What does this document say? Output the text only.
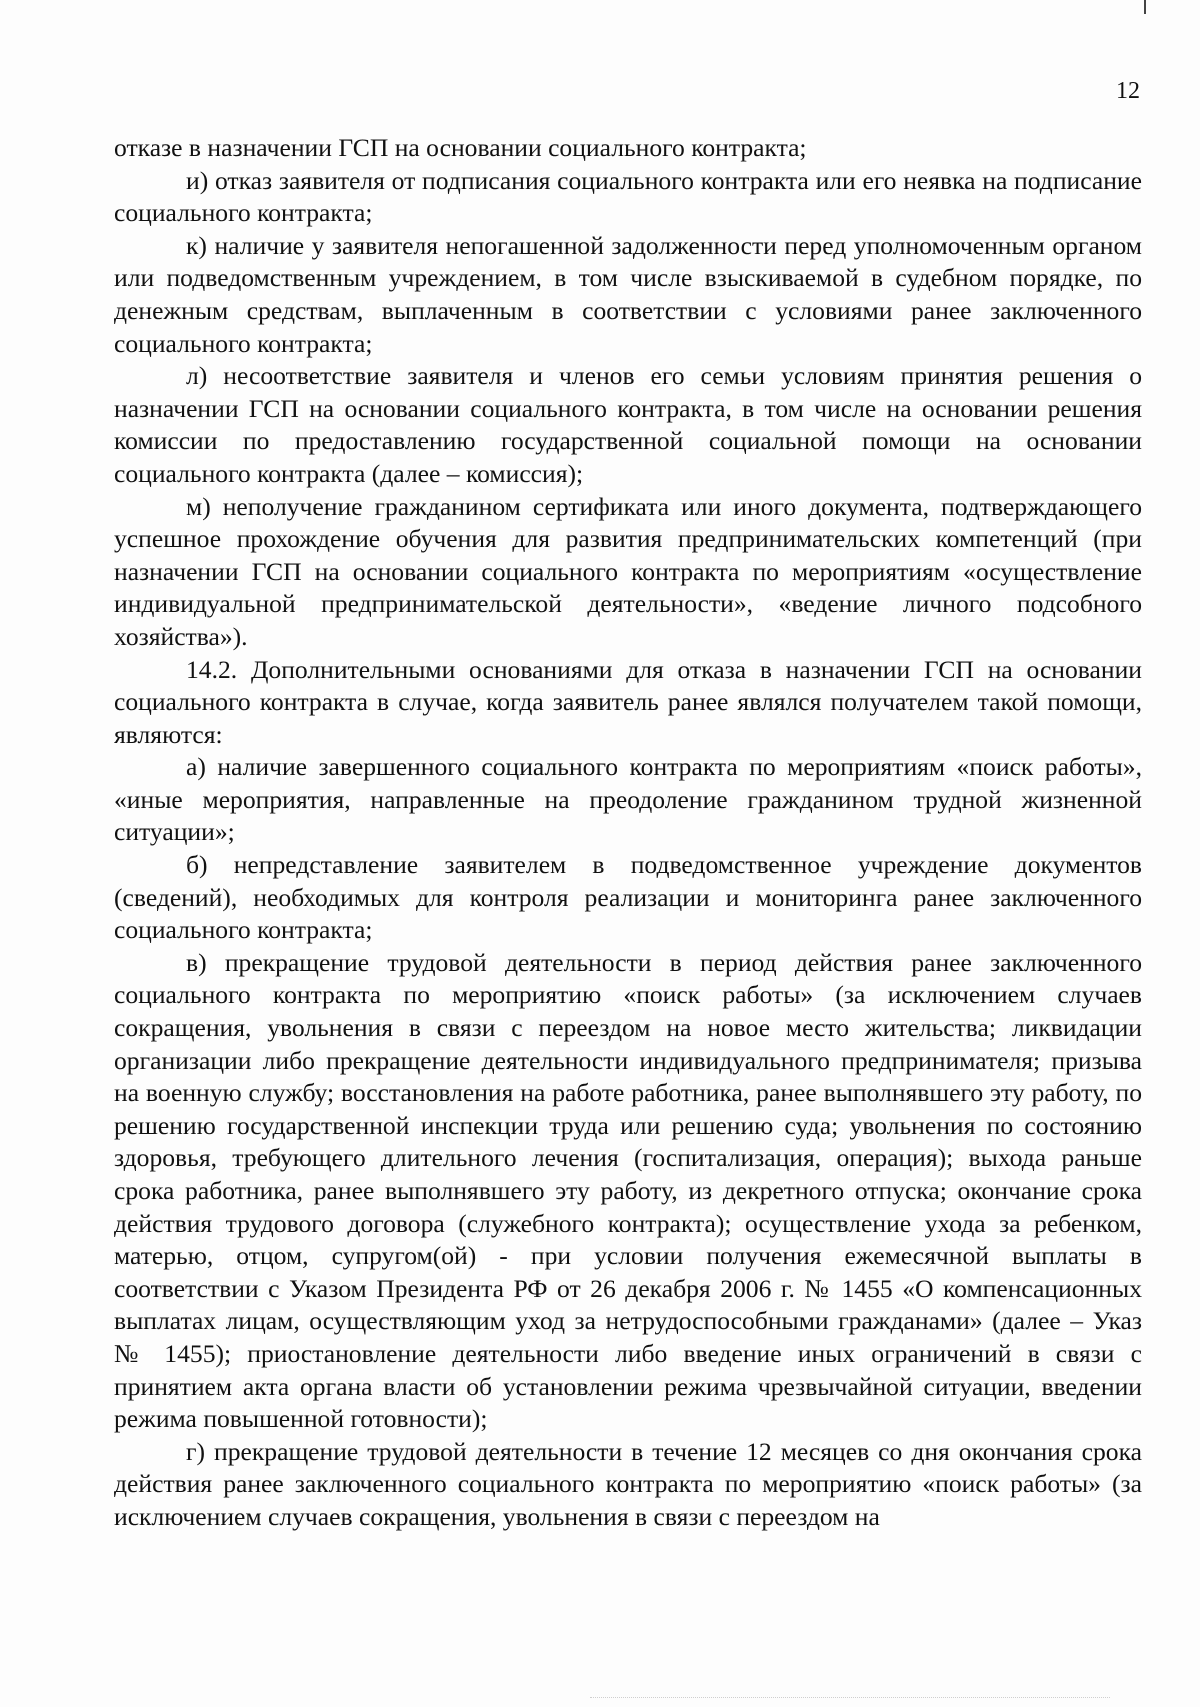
12

отказе в назначении ГСП на основании социального контракта;

и) отказ заявителя от подписания социального контракта или его неявка на подписание социального контракта;

к) наличие у заявителя непогашенной задолженности перед уполномоченным органом или подведомственным учреждением, в том числе взыскиваемой в судебном порядке, по денежным средствам, выплаченным в соответствии с условиями ранее заключенного социального контракта;

л) несоответствие заявителя и членов его семьи условиям принятия решения о назначении ГСП на основании социального контракта, в том числе на основании решения комиссии по предоставлению государственной социальной помощи на основании социального контракта (далее – комиссия);

м) неполучение гражданином сертификата или иного документа, подтверждающего успешное прохождение обучения для развития предпринимательских компетенций (при назначении ГСП на основании социального контракта по мероприятиям «осуществление индивидуальной предпринимательской деятельности», «ведение личного подсобного хозяйства»).

14.2. Дополнительными основаниями для отказа в назначении ГСП на основании социального контракта в случае, когда заявитель ранее являлся получателем такой помощи, являются:

а) наличие завершенного социального контракта по мероприятиям «поиск работы», «иные мероприятия, направленные на преодоление гражданином трудной жизненной ситуации»;

б) непредставление заявителем в подведомственное учреждение документов (сведений), необходимых для контроля реализации и мониторинга ранее заключенного социального контракта;

в) прекращение трудовой деятельности в период действия ранее заключенного социального контракта по мероприятию «поиск работы» (за исключением случаев сокращения, увольнения в связи с переездом на новое место жительства; ликвидации организации либо прекращение деятельности индивидуального предпринимателя; призыва на военную службу; восстановления на работе работника, ранее выполнявшего эту работу, по решению государственной инспекции труда или решению суда; увольнения по состоянию здоровья, требующего длительного лечения (госпитализация, операция); выхода раньше срока работника, ранее выполнявшего эту работу, из декретного отпуска; окончание срока действия трудового договора (служебного контракта); осуществление ухода за ребенком, матерью, отцом, супругом(ой) - при условии получения ежемесячной выплаты в соответствии с Указом Президента РФ от 26 декабря 2006 г. № 1455 «О компенсационных выплатах лицам, осуществляющим уход за нетрудоспособными гражданами» (далее – Указ № 1455); приостановление деятельности либо введение иных ограничений в связи с принятием акта органа власти об установлении режима чрезвычайной ситуации, введении режима повышенной готовности);

г) прекращение трудовой деятельности в течение 12 месяцев со дня окончания срока действия ранее заключенного социального контракта по мероприятию «поиск работы» (за исключением случаев сокращения, увольнения в связи с переездом на
